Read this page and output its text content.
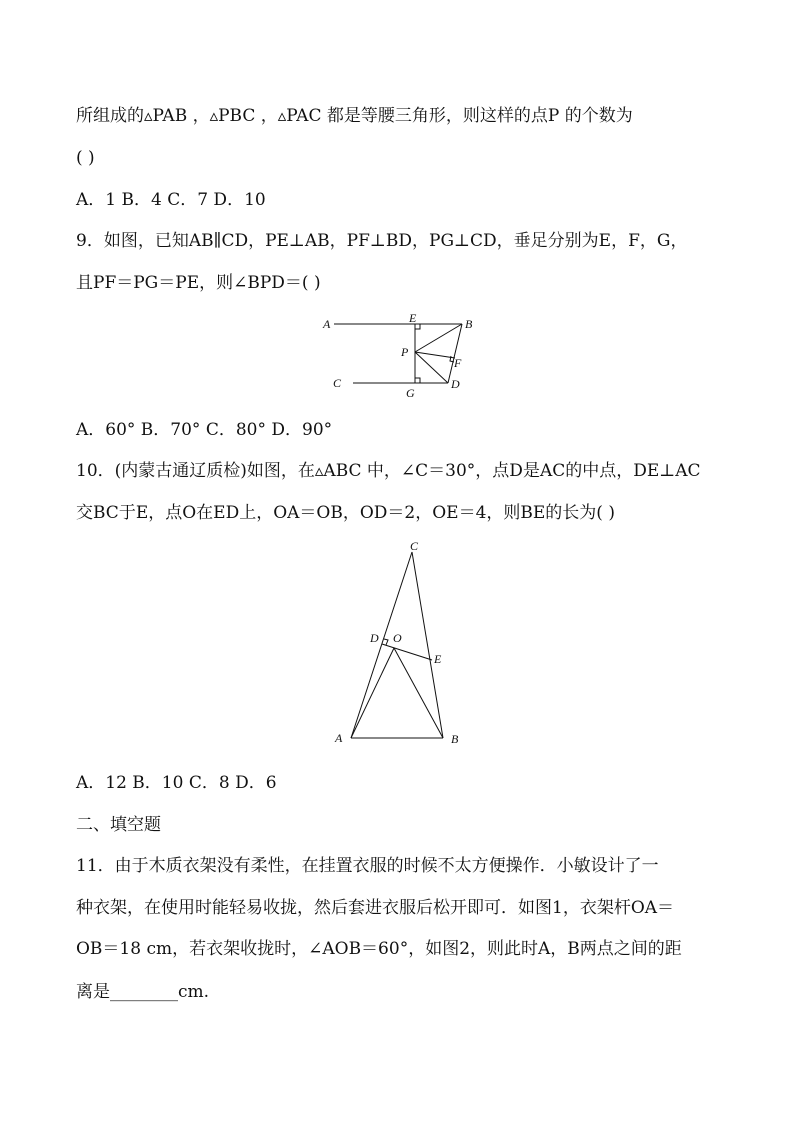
所组成的▵PAB ，▵PBC ，▵PAC 都是等腰三角形，则这样的点P 的个数为
( )
A．1 B．4 C．7 D．10
9．如图，已知AB∥CD，PE⊥AB，PF⊥BD，PG⊥CD，垂足分别为E，F，G，
且PF＝PG＝PE，则∠BPD＝( )
A	E	B
P
F
C	D
G
A．60° B．70° C．80° D．90°
10．(内蒙古通辽质检)如图，在▵ABC 中，∠C＝30°，点D是AC的中点，DE⊥AC
交BC于E，点O在ED上，OA＝OB，OD＝2，OE＝4，则BE的长为( )
C
D O
E
A	B
A．12 B．10 C．8 D．6
二、填空题
11．由于木质衣架没有柔性，在挂置衣服的时候不太方便操作．小敏设计了一
种衣架，在使用时能轻易收拢，然后套进衣服后松开即可．如图1，衣架杆OA＝
OB＝18 cm，若衣架收拢时，∠AOB＝60°，如图2，则此时A，B两点之间的距
离是________cm.
